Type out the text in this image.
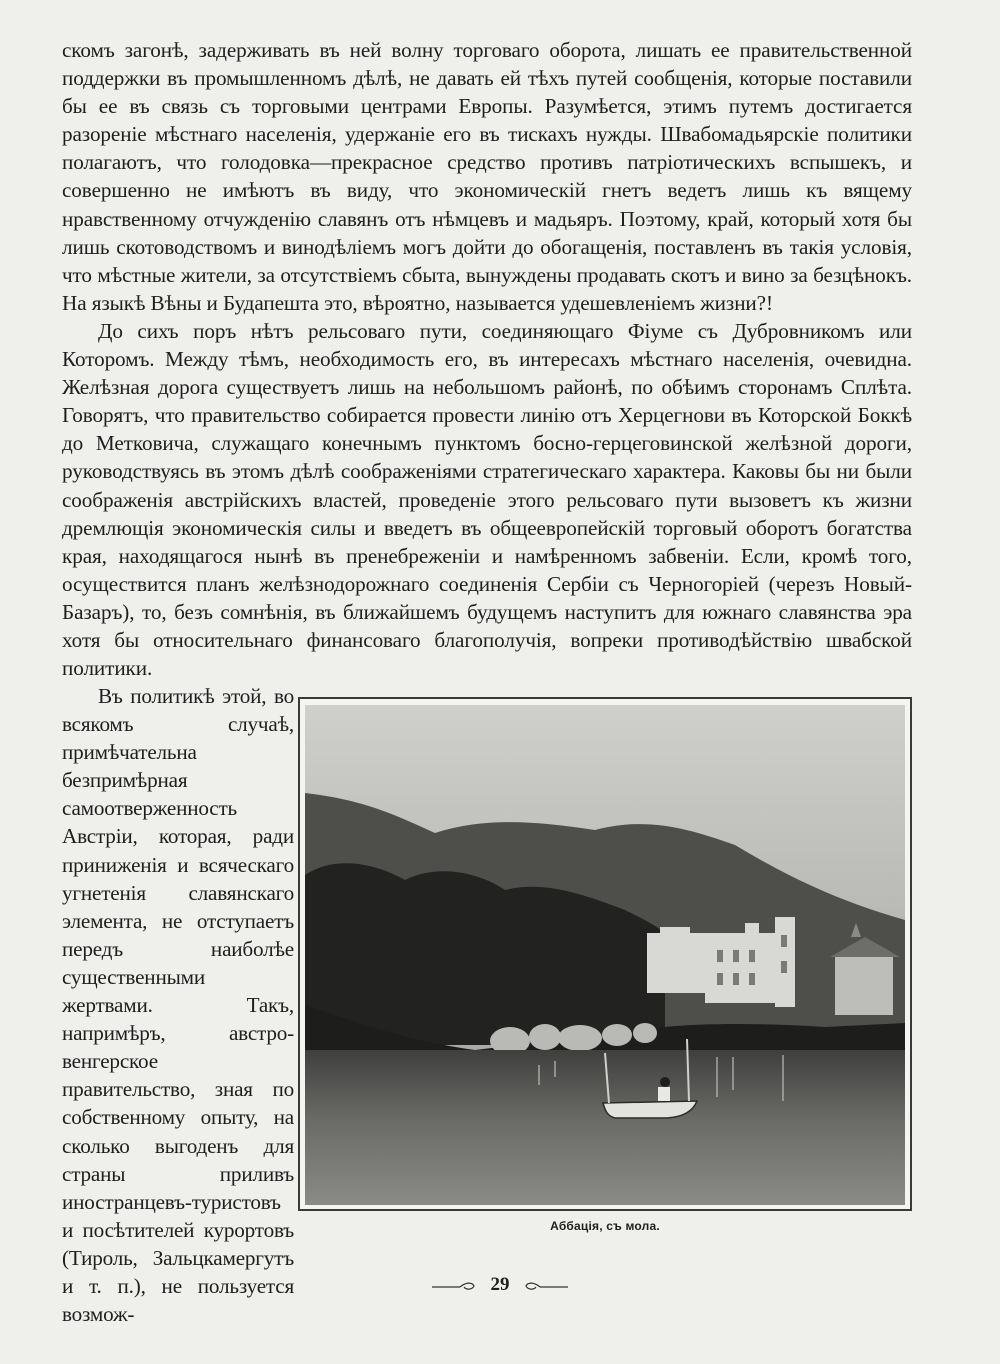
скомъ загонѣ, задерживать въ ней волну торговаго оборота, лишать ее правительственной поддержки въ промышленномъ дѣлѣ, не давать ей тѣхъ путей сообщенія, которые поставили бы ее въ связь съ торговыми центрами Европы. Разумѣется, этимъ путемъ достигается разореніе мѣстнаго населенія, удержаніе его въ тискахъ нужды. Швабомадьярскіе политики полагаютъ, что голодовка—прекрасное средство противъ патріотическихъ вспышекъ, и совершенно не имѣютъ въ виду, что экономическій гнетъ ведетъ лишь къ вящему нравственному отчужденію славянъ отъ нѣмцевъ и мадьяръ. Поэтому, край, который хотя бы лишь скотоводствомъ и винодѣліемъ могъ дойти до обогащенія, поставленъ въ такія условія, что мѣстные жители, за отсутствіемъ сбыта, вынуждены продавать скотъ и вино за безцѣнокъ. На языкѣ Вѣны и Будапешта это, вѣроятно, называется удешевленіемъ жизни?!

До сихъ поръ нѣтъ рельсоваго пути, соединяющаго Фіуме съ Дубровникомъ или Которомъ. Между тѣмъ, необходимость его, въ интересахъ мѣстнаго населенія, очевидна. Желѣзная дорога существуетъ лишь на небольшомъ районѣ, по обѣимъ сторонамъ Сплѣта. Говорятъ, что правительство собирается провести линію отъ Херцегнови въ Которской Боккѣ до Метковича, служащаго конечнымъ пунктомъ босно-герцеговинской желѣзной дороги, руководствуясь въ этомъ дѣлѣ соображеніями стратегическаго характера. Каковы бы ни были соображенія австрійскихъ властей, проведеніе этого рельсоваго пути вызоветъ къ жизни дремлющія экономическія силы и введетъ въ общеевропейскій торговый оборотъ богатства края, находящагося нынѣ въ пренебреженіи и намѣренномъ забвеніи. Если, кромѣ того, осуществится планъ желѣзнодорожнаго соединенія Сербіи съ Черногоріей (черезъ Новый-Базаръ), то, безъ сомнѣнія, въ ближайшемъ будущемъ наступитъ для южнаго славянства эра хотя бы относительнаго финансоваго благополучія, вопреки противодѣйствію швабской политики.

Въ политикѣ этой, во всякомъ случаѣ, примѣчательна безпримѣрная самоотверженность Австріи, которая, ради приниженія и всяческаго угнетенія славянскаго элемента, не отступаетъ передъ наиболѣе существенными жертвами. Такъ, напримѣръ, австро-венгерское правительство, зная по собственному опыту, на сколько выгоденъ для страны приливъ иностранцевъ-туристовъ и посѣтителей курортовъ (Тироль, Зальцкамергутъ и т. п.), не пользуется возмож-

Аббація, съ мола.
29
